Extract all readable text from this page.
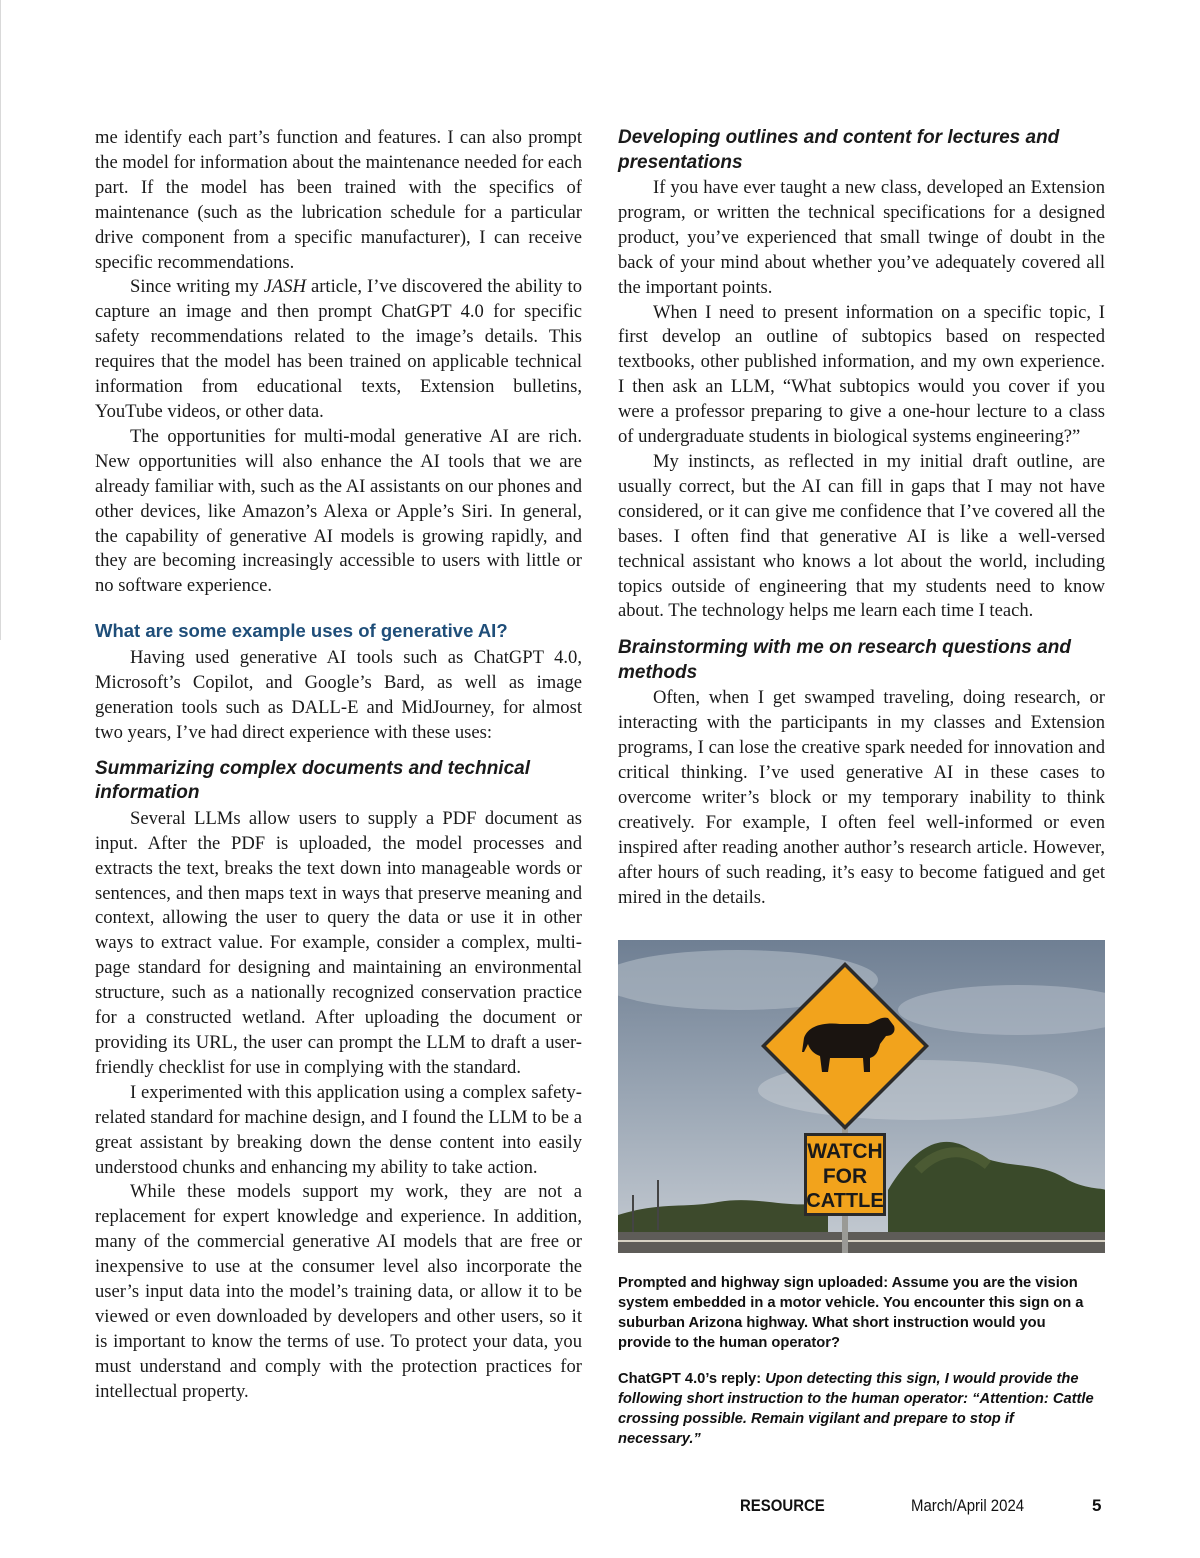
me identify each part’s function and features. I can also prompt the model for information about the maintenance needed for each part. If the model has been trained with the specifics of maintenance (such as the lubrication schedule for a particular drive component from a specific manufacturer), I can receive specific recommendations.

Since writing my JASH article, I’ve discovered the ability to capture an image and then prompt ChatGPT 4.0 for specific safety recommendations related to the image’s details. This requires that the model has been trained on applicable technical information from educational texts, Extension bulletins, YouTube videos, or other data.

The opportunities for multi-modal generative AI are rich. New opportunities will also enhance the AI tools that we are already familiar with, such as the AI assistants on our phones and other devices, like Amazon’s Alexa or Apple’s Siri. In general, the capability of generative AI models is growing rapidly, and they are becoming increasingly accessible to users with little or no software experience.

What are some example uses of generative AI?

Having used generative AI tools such as ChatGPT 4.0, Microsoft’s Copilot, and Google’s Bard, as well as image generation tools such as DALL-E and MidJourney, for almost two years, I’ve had direct experience with these uses:

Summarizing complex documents and technical information

Several LLMs allow users to supply a PDF document as input. After the PDF is uploaded, the model processes and extracts the text, breaks the text down into manageable words or sentences, and then maps text in ways that preserve meaning and context, allowing the user to query the data or use it in other ways to extract value. For example, consider a complex, multi-page standard for designing and maintaining an environmental structure, such as a nationally recognized conservation practice for a constructed wetland. After uploading the document or providing its URL, the user can prompt the LLM to draft a user-friendly checklist for use in complying with the standard.

I experimented with this application using a complex safety-related standard for machine design, and I found the LLM to be a great assistant by breaking down the dense content into easily understood chunks and enhancing my ability to take action.

While these models support my work, they are not a replacement for expert knowledge and experience. In addition, many of the commercial generative AI models that are free or inexpensive to use at the consumer level also incorporate the user’s input data into the model’s training data, or allow it to be viewed or even downloaded by developers and other users, so it is important to know the terms of use. To protect your data, you must understand and comply with the protection practices for intellectual property.

Developing outlines and content for lectures and presentations

If you have ever taught a new class, developed an Extension program, or written the technical specifications for a designed product, you’ve experienced that small twinge of doubt in the back of your mind about whether you’ve adequately covered all the important points.

When I need to present information on a specific topic, I first develop an outline of subtopics based on respected textbooks, other published information, and my own experience. I then ask an LLM, “What subtopics would you cover if you were a professor preparing to give a one-hour lecture to a class of undergraduate students in biological systems engineering?”

My instincts, as reflected in my initial draft outline, are usually correct, but the AI can fill in gaps that I may not have considered, or it can give me confidence that I’ve covered all the bases. I often find that generative AI is like a well-versed technical assistant who knows a lot about the world, including topics outside of engineering that my students need to know about. The technology helps me learn each time I teach.

Brainstorming with me on research questions and methods

Often, when I get swamped traveling, doing research, or interacting with the participants in my classes and Extension programs, I can lose the creative spark needed for innovation and critical thinking. I’ve used generative AI in these cases to overcome writer’s block or my temporary inability to think creatively. For example, I often feel well-informed or even inspired after reading another author’s research article. However, after hours of such reading, it’s easy to become fatigued and get mired in the details.

WATCH
FOR
CATTLE
Prompted and highway sign uploaded: Assume you are the vision system embedded in a motor vehicle. You encounter this sign on a suburban Arizona highway. What short instruction would you provide to the human operator?
ChatGPT 4.0’s reply: Upon detecting this sign, I would provide the following short instruction to the human operator: “Attention: Cattle crossing possible. Remain vigilant and prepare to stop if necessary.”
RESOURCE	March/April 2024	5
